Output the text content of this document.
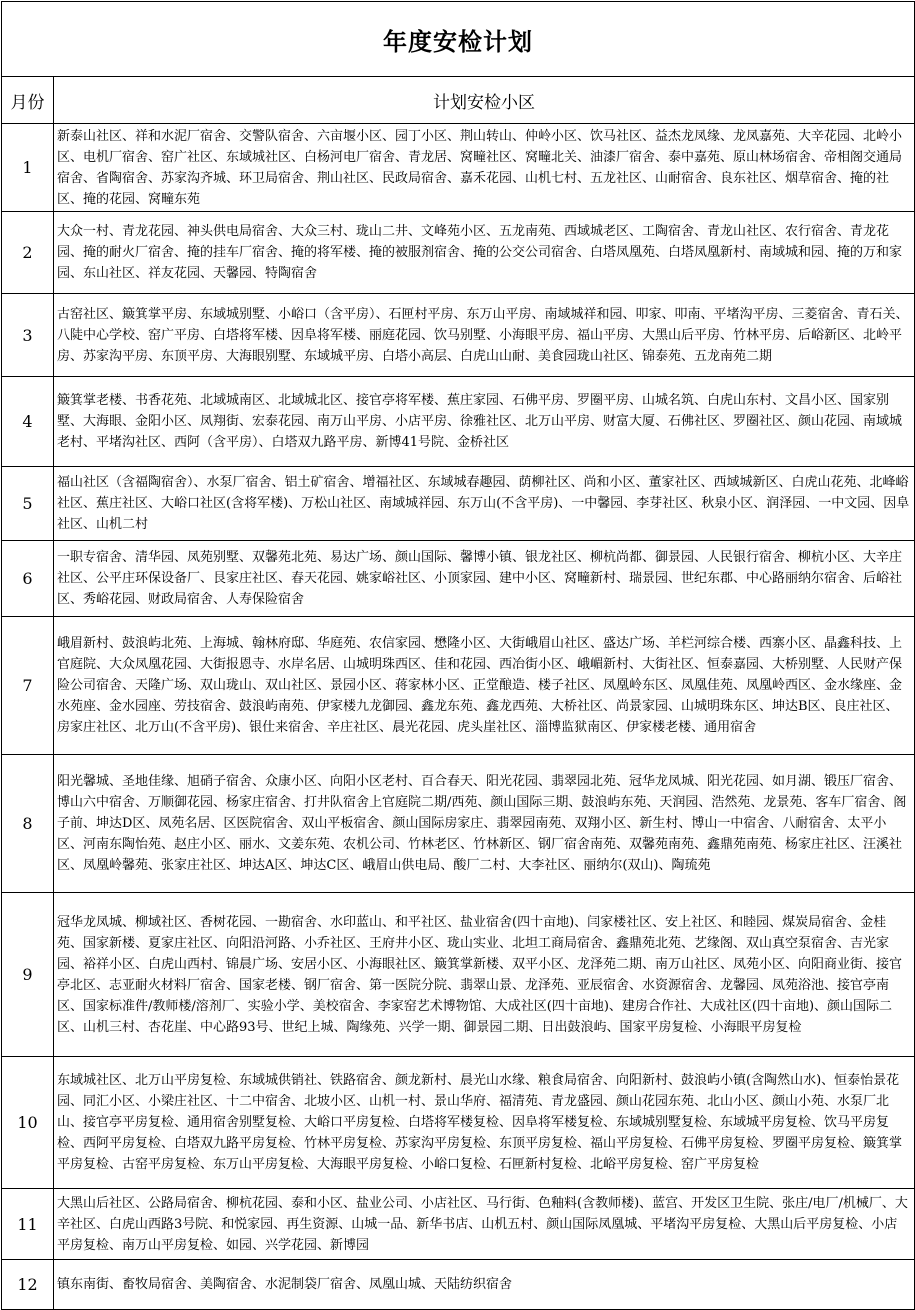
年度安检计划	
月份	计划安检小区
1	新泰山社区、祥和水泥厂宿舍、交警队宿舍、六亩堰小区、园丁小区、荆山转山、仲岭小区、饮马社区、益杰龙凤缘、龙凤嘉苑、大辛花园、北岭小区、电机厂宿舍、窑广社区、东域城社区、白杨河电厂宿舍、青龙居、窝疃社区、窝疃北关、油漆厂宿舍、泰中嘉苑、原山林场宿舍、帝相阁交通局宿舍、省陶宿舍、苏家沟齐城、环卫局宿舍、荆山社区、民政局宿舍、嘉禾花园、山机七村、五龙社区、山耐宿舍、良东社区、烟草宿舍、掩的社区、掩的花园、窝疃东苑
2	大众一村、青龙花园、神头供电局宿舍、大众三村、珑山二井、文峰苑小区、五龙南苑、西域城老区、工陶宿舍、青龙山社区、农行宿舍、青龙花园、掩的耐火厂宿舍、掩的挂车厂宿舍、掩的将军楼、掩的被服剂宿舍、掩的公交公司宿舍、白塔凤凰苑、白塔凤凰新村、南域城和园、掩的万和家园、东山社区、祥友花园、天馨园、特陶宿舍
3	古窑社区、簸箕掌平房、东域城别墅、小峪口（含平房）、石匣村平房、东万山平房、南域城祥和园、叩家、叩南、平堵沟平房、三菱宿舍、青石关、八陡中心学校、窑广平房、白塔将军楼、因阜将军楼、丽庭花园、饮马别墅、小海眼平房、福山平房、大黑山后平房、竹林平房、后峪新区、北岭平房、苏家沟平房、东顶平房、大海眼别墅、东域城平房、白塔小高层、白虎山山耐、美食园珑山社区、锦泰苑、五龙南苑二期
4	簸箕掌老楼、书香花苑、北域城南区、北域城北区、接官亭将军楼、蕉庄家园、石佛平房、罗圈平房、山城名筑、白虎山东村、文昌小区、国家别墅、大海眼、金阳小区、凤翔街、宏泰花园、南万山平房、小店平房、徐雅社区、北万山平房、财富大厦、石佛社区、罗圈社区、颜山花园、南域城老村、平堵沟社区、西阿（含平房）、白塔双九路平房、新博41号院、金桥社区
5	福山社区（含福陶宿舍）、水泵厂宿舍、铝土矿宿舍、增福社区、东域城春趣园、荫柳社区、尚和小区、董家社区、西域城新区、白虎山花苑、北峰峪社区、蕉庄社区、大峪口社区(含将军楼)、万松山社区、南域城祥园、东万山(不含平房)、一中馨园、李芽社区、秋泉小区、润泽园、一中文园、因阜社区、山机二村
6	一职专宿舍、清华园、凤苑别墅、双馨苑北苑、易达广场、颜山国际、馨博小镇、银龙社区、柳杭尚都、御景园、人民银行宿舍、柳杭小区、大辛庄社区、公平庄环保设备厂、艮家庄社区、春天花园、姚家峪社区、小顶家园、建中小区、窝疃新村、瑞景园、世纪东郡、中心路丽纳尔宿舍、后峪社区、秀峪花园、财政局宿舍、人寿保险宿舍
7	峨眉新村、鼓浪屿北苑、上海城、翰林府邸、华庭苑、农信家园、懋隆小区、大街峨眉山社区、盛达广场、羊栏河综合楼、西寨小区、晶鑫科技、上官庭院、大众凤凰花园、大街报恩寺、水岸名居、山城明珠西区、佳和花园、西冶街小区、峨嵋新村、大街社区、恒泰嘉园、大桥别墅、人民财产保险公司宿舍、天隆广场、双山珑山、双山社区、景园小区、蒋家林小区、正堂酿造、楼子社区、凤凰岭东区、凤凰佳苑、凤凰岭西区、金水缘座、金水苑座、金水园座、劳技宿舍、鼓浪屿南苑、伊家楼九龙御园、鑫龙东苑、鑫龙西苑、大桥社区、尚景家园、山城明珠东区、坤达B区、良庄社区、房家庄社区、北万山(不含平房)、银仕来宿舍、辛庄社区、晨光花园、虎头崖社区、淄博监狱南区、伊家楼老楼、通用宿舍
8	阳光馨城、圣地佳缘、旭硝子宿舍、众康小区、向阳小区老村、百合春天、阳光花园、翡翠园北苑、冠华龙凤城、阳光花园、如月湖、锻压厂宿舍、博山六中宿舍、万顺御花园、杨家庄宿舍、打井队宿舍上官庭院二期/西苑、颜山国际三期、鼓浪屿东苑、天润园、浩然苑、龙景苑、客车厂宿舍、阁子前、坤达D区、凤苑名居、区医院宿舍、双山平板宿舍、颜山国际房家庄、翡翠园南苑、双翔小区、新生村、博山一中宿舍、八耐宿舍、太平小区、河南东陶怡苑、赵庄小区、丽水、文姜东苑、农机公司、竹林老区、竹林新区、钢厂宿舍南苑、双馨苑南苑、鑫鼎苑南苑、杨家庄社区、汪溪社区、凤凰岭馨苑、张家庄社区、坤达A区、坤达C区、峨眉山供电局、酸厂二村、大李社区、丽纳尔(双山)、陶琉苑
9	冠华龙凤城、柳域社区、香树花园、一勘宿舍、水印蓝山、和平社区、盐业宿舍(四十亩地)、闫家楼社区、安上社区、和睦园、煤炭局宿舍、金桂苑、国家新楼、夏家庄社区、向阳沿河路、小乔社区、王府井小区、珑山实业、北坦工商局宿舍、鑫鼎苑北苑、艺缘阁、双山真空泵宿舍、吉光家园、裕祥小区、白虎山西村、锦晨广场、安居小区、小海眼社区、簸箕掌新楼、双平小区、龙泽苑二期、南万山社区、凤苑小区、向阳商业街、接官亭北区、志亚耐火材料厂宿舍、国家老楼、钢厂宿舍、第一医院分院、翡翠山景、龙泽苑、亚辰宿舍、水资源宿舍、龙馨园、凤苑浴池、接官亭南区、国家标准件/教师楼/溶剂厂、实验小学、美校宿舍、李家窑艺术博物馆、大成社区(四十亩地)、建房合作社、大成社区(四十亩地)、颜山国际二区、山机三村、杏花崖、中心路93号、世纪上城、陶缘苑、兴学一期、御景园二期、日出鼓浪屿、国家平房复检、小海眼平房复检
10	东域城社区、北万山平房复检、东域城供销社、铁路宿舍、颜龙新村、晨光山水缘、粮食局宿舍、向阳新村、鼓浪屿小镇(含陶然山水)、恒泰怡景花园、同汇小区、小梁庄社区、十二中宿舍、北坡小区、山机一村、景山华府、福清苑、青龙盛园、颜山花园东苑、北山小区、颜山小苑、水泵厂北山、接官亭平房复检、通用宿舍别墅复检、大峪口平房复检、白塔将军楼复检、因阜将军楼复检、东域城别墅复检、东域城平房复检、饮马平房复检、西阿平房复检、白塔双九路平房复检、竹林平房复检、苏家沟平房复检、东顶平房复检、福山平房复检、石佛平房复检、罗圈平房复检、簸箕掌平房复检、古窑平房复检、东万山平房复检、大海眼平房复检、小峪口复检、石匣新村复检、北峪平房复检、窑广平房复检
11	大黑山后社区、公路局宿舍、柳杭花园、泰和小区、盐业公司、小店社区、马行街、色釉料(含教师楼)、蓝宫、开发区卫生院、张庄/电厂/机械厂、大辛社区、白虎山西路3号院、和悦家园、再生资源、山城一品、新华书店、山机五村、颜山国际凤凰城、平堵沟平房复检、大黑山后平房复检、小店平房复检、南万山平房复检、如园、兴学花园、新博园
12	镇东南街、畜牧局宿舍、美陶宿舍、水泥制袋厂宿舍、凤凰山城、天陆纺织宿舍
